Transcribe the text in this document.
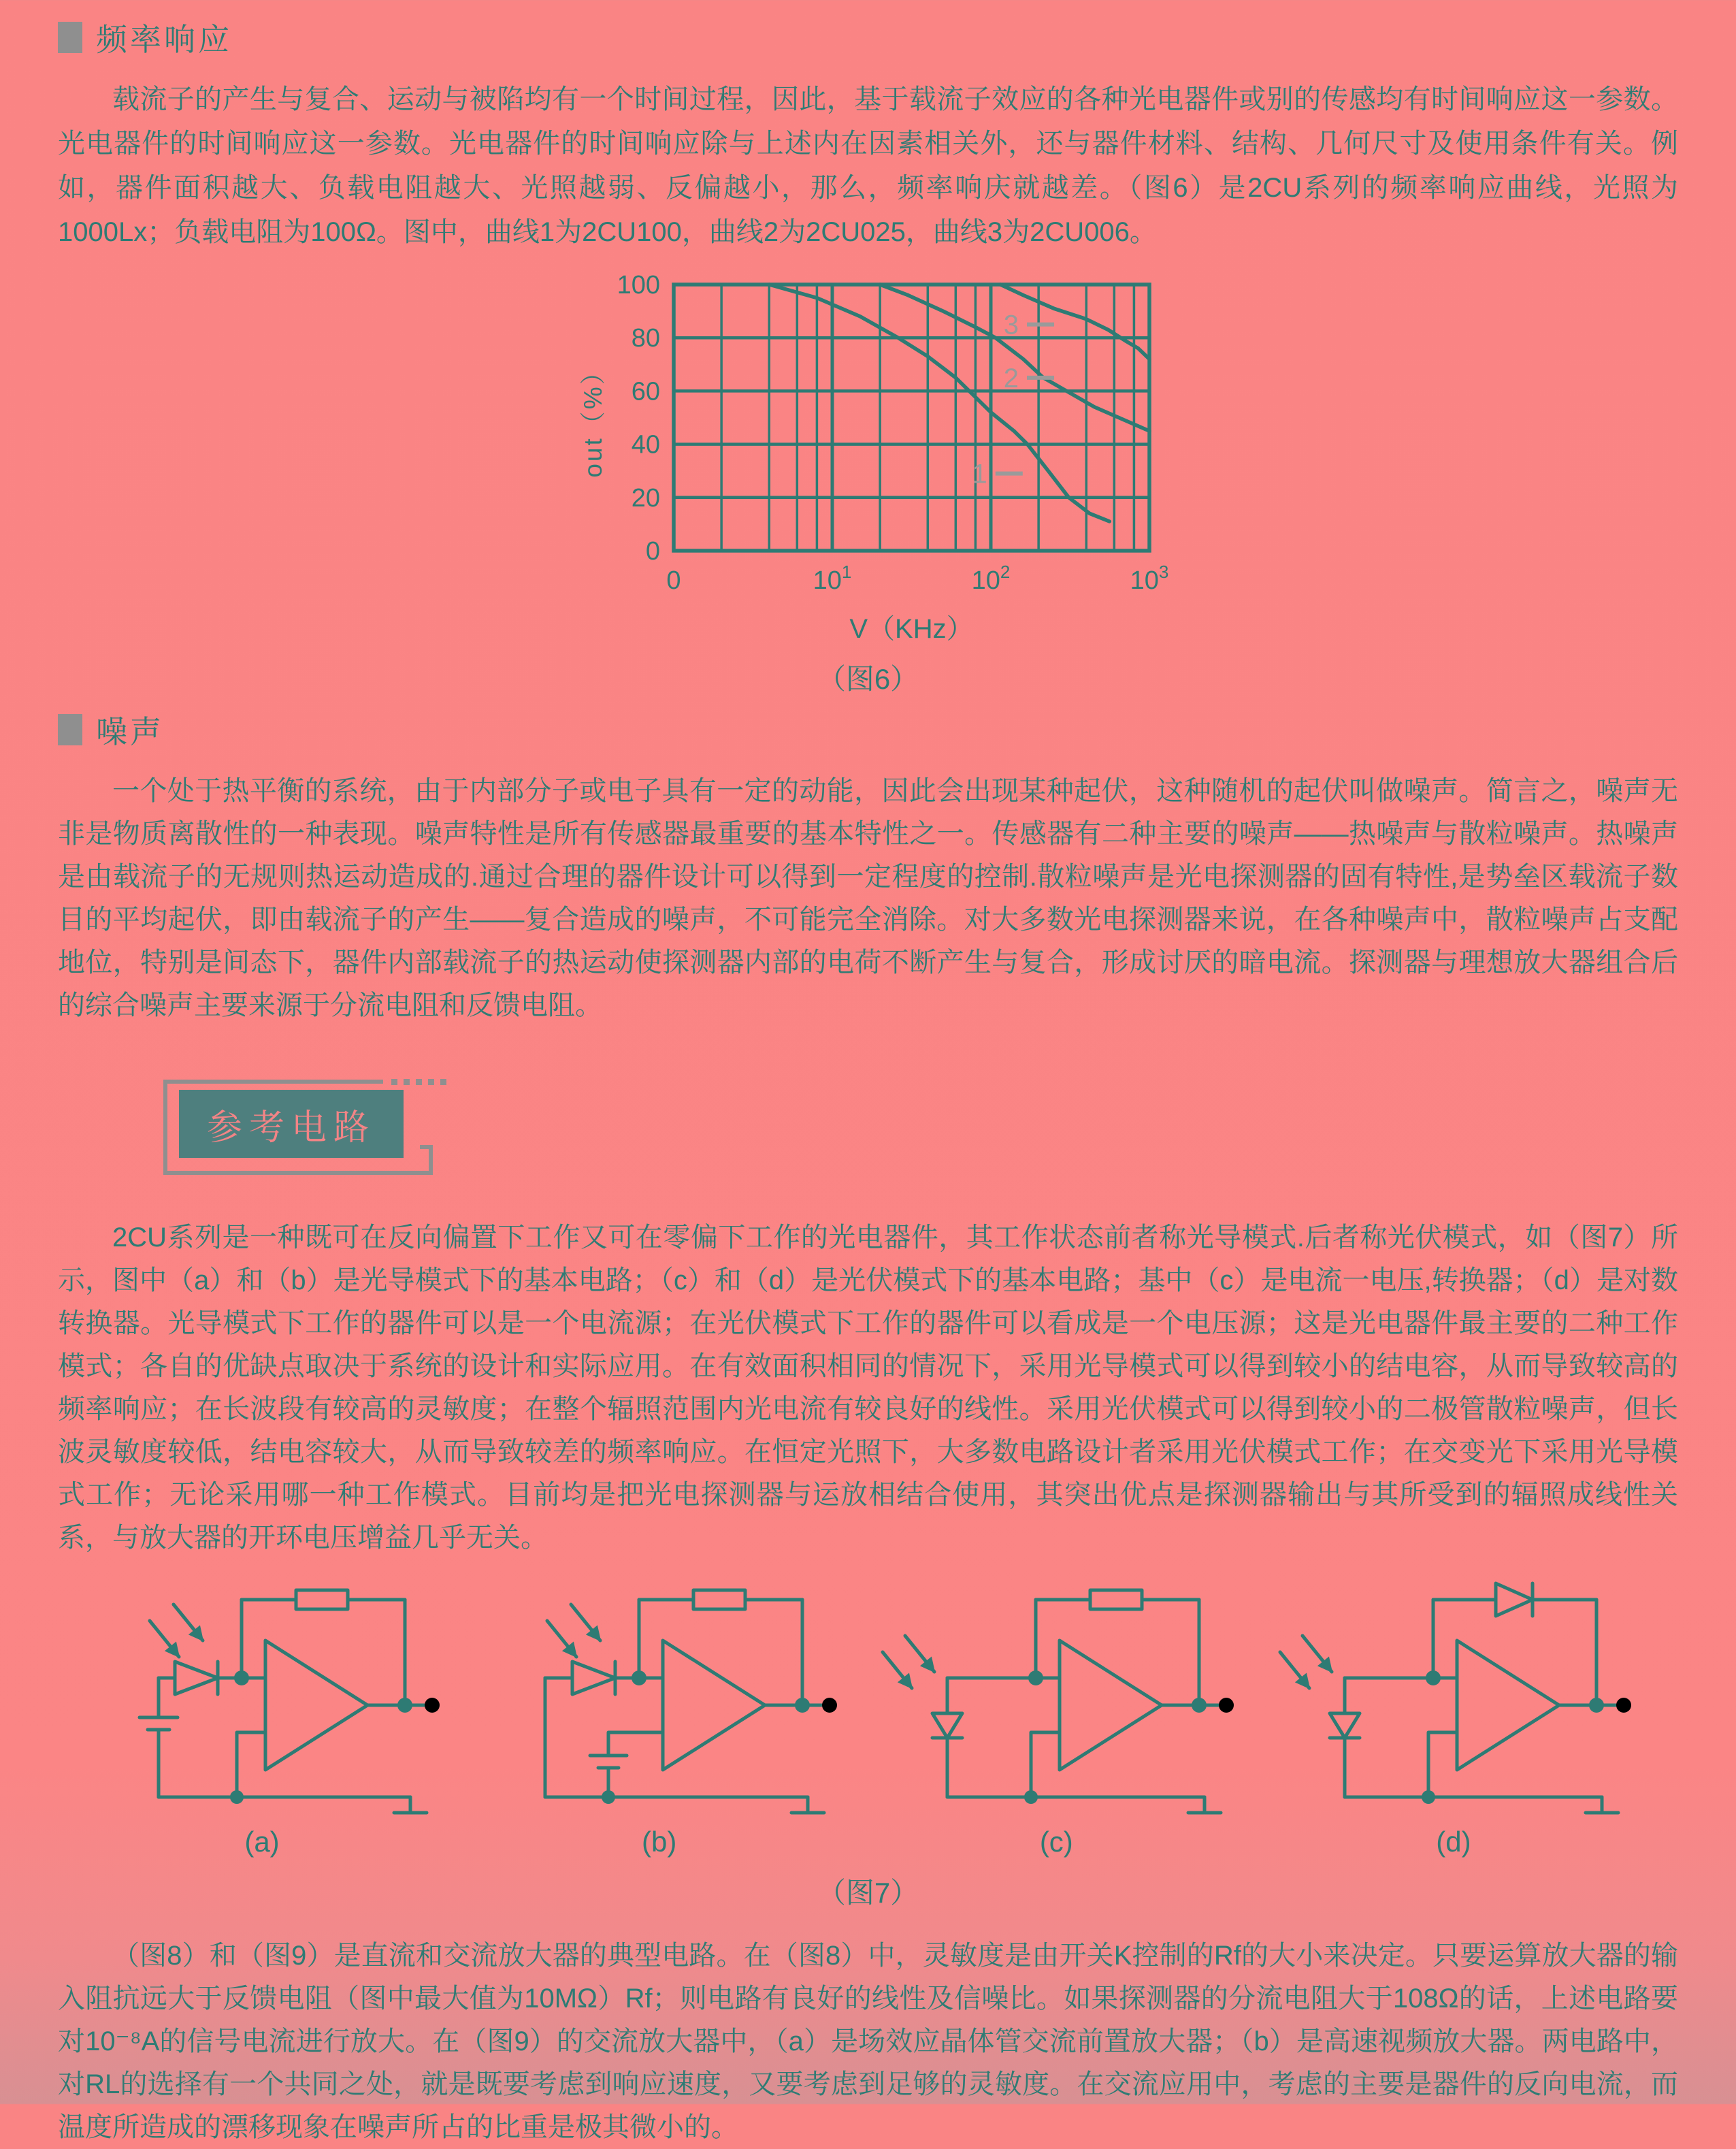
频率响应

载流子的产生与复合、运动与被陷均有一个时间过程，因此，基于载流子效应的各种光电器件或别的传感均有时间响应这一参数。光电器件的时间响应这一参数。光电器件的时间响应除与上述内在因素相关外，还与器件材料、结构、几何尺寸及使用条件有关。例如，器件面积越大、负载电阻越大、光照越弱、反偏越小，那么，频率响庆就越差。（图6）是2CU系列的频率响应曲线，光照为1000Lx；负载电阻为100Ω。图中，曲线1为2CU100，曲线2为2CU025，曲线3为2CU006。

0
20
40
60
80
100
0	$10^1$	$10^2$	$10^3$
out（%）
V（KHz）
3
2
1
（图6）
噪声

一个处于热平衡的系统，由于内部分子或电子具有一定的动能，因此会出现某种起伏，这种随机的起伏叫做噪声。简言之，噪声无非是物质离散性的一种表现。噪声特性是所有传感器最重要的基本特性之一。传感器有二种主要的噪声——热噪声与散粒噪声。热噪声是由载流子的无规则热运动造成的.通过合理的器件设计可以得到一定程度的控制.散粒噪声是光电探测器的固有特性,是势垒区载流子数目的平均起伏，即由载流子的产生——复合造成的噪声，不可能完全消除。对大多数光电探测器来说，在各种噪声中，散粒噪声占支配地位，特别是间态下，器件内部载流子的热运动使探测器内部的电荷不断产生与复合，形成讨厌的暗电流。探测器与理想放大器组合后的综合噪声主要来源于分流电阻和反馈电阻。

参考电路

2CU系列是一种既可在反向偏置下工作又可在零偏下工作的光电器件，其工作状态前者称光导模式.后者称光伏模式，如（图7）所示，图中（a）和（b）是光导模式下的基本电路；（c）和（d）是光伏模式下的基本电路；基中（c）是电流一电压,转换器；（d）是对数转换器。光导模式下工作的器件可以是一个电流源；在光伏模式下工作的器件可以看成是一个电压源；这是光电器件最主要的二种工作模式；各自的优缺点取决于系统的设计和实际应用。在有效面积相同的情况下，采用光导模式可以得到较小的结电容，从而导致较高的频率响应；在长波段有较高的灵敏度；在整个辐照范围内光电流有较良好的线性。采用光伏模式可以得到较小的二极管散粒噪声，但长波灵敏度较低，结电容较大，从而导致较差的频率响应。在恒定光照下，大多数电路设计者采用光伏模式工作；在交变光下采用光导模式工作；无论采用哪一种工作模式。目前均是把光电探测器与运放相结合使用，其突出优点是探测器输出与其所受到的辐照成线性关系，与放大器的开环电压增益几乎无关。

(a)	(b)	(c)	(d)
（图7）

（图8）和（图9）是直流和交流放大器的典型电路。在（图8）中，灵敏度是由开关K控制的Rf的大小来决定。只要运算放大器的输入阻抗远大于反馈电阻（图中最大值为10MΩ）Rf；则电路有良好的线性及信噪比。如果探测器的分流电阻大于108Ω的话，上述电路要对10⁻⁸A的信号电流进行放大。在（图9）的交流放大器中，（a）是场效应晶体管交流前置放大器；（b）是高速视频放大器。两电路中，对RL的选择有一个共同之处，就是既要考虑到响应速度，又要考虑到足够的灵敏度。在交流应用中，考虑的主要是器件的反向电流，而温度所造成的漂移现象在噪声所占的比重是极其微小的。
